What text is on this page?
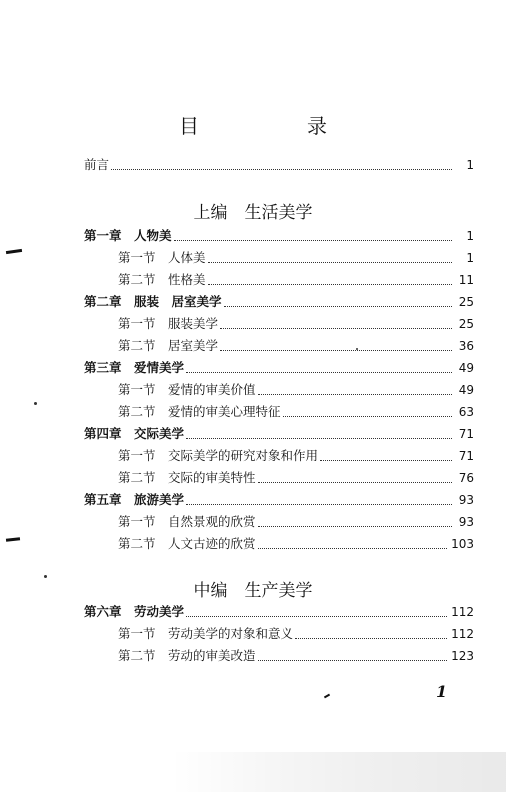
目　录
前言	1
上编　生活美学
第一章　人物美	1
第一节　人体美	1
第二节　性格美	11
第二章　服装　居室美学	25
第一节　服装美学	25
第二节　居室美学	36
第三章　爱情美学	49
第一节　爱情的审美价值	49
第二节　爱情的审美心理特征	63
第四章　交际美学	71
第一节　交际美学的研究对象和作用	71
第二节　交际的审美特性	76
第五章　旅游美学	93
第一节　自然景观的欣赏	93
第二节　人文古迹的欣赏	103
中编　生产美学
第六章　劳动美学	112
第一节　劳动美学的对象和意义	112
第二节　劳动的审美改造	123
1
